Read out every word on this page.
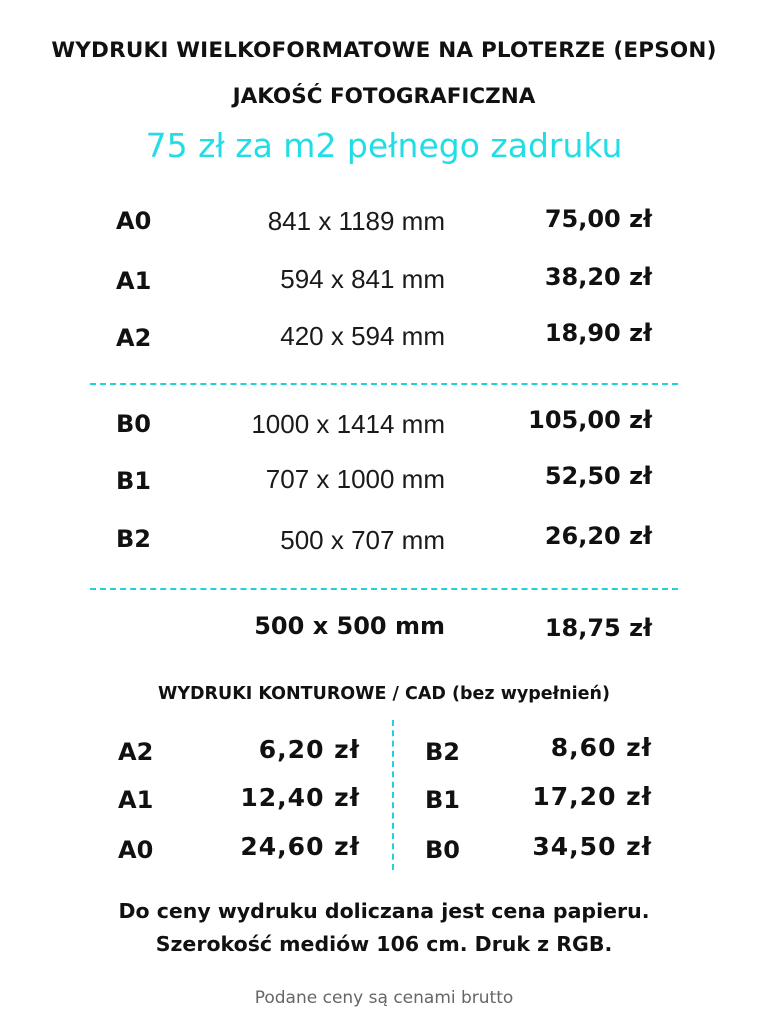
WYDRUKI WIELKOFORMATOWE NA PLOTERZE (EPSON)
JAKOŚĆ FOTOGRAFICZNA
75 zł za m2 pełnego zadruku
A0	841 x 1189 mm	75,00 zł
A1	594 x 841 mm	38,20 zł
A2	420 x 594 mm	18,90 zł
B0	1000 x 1414 mm	105,00 zł
B1	707 x 1000 mm	52,50 zł
B2	500 x 707 mm	26,20 zł
500 x 500 mm	18,75 zł
WYDRUKI KONTUROWE / CAD (bez wypełnień)
A2	6,20 zł
A1	12,40 zł
A0	24,60 zł
B2	8,60 zł
B1	17,20 zł
B0	34,50 zł
Do ceny wydruku doliczana jest cena papieru.
Szerokość mediów 106 cm. Druk z RGB.
Podane ceny są cenami brutto
